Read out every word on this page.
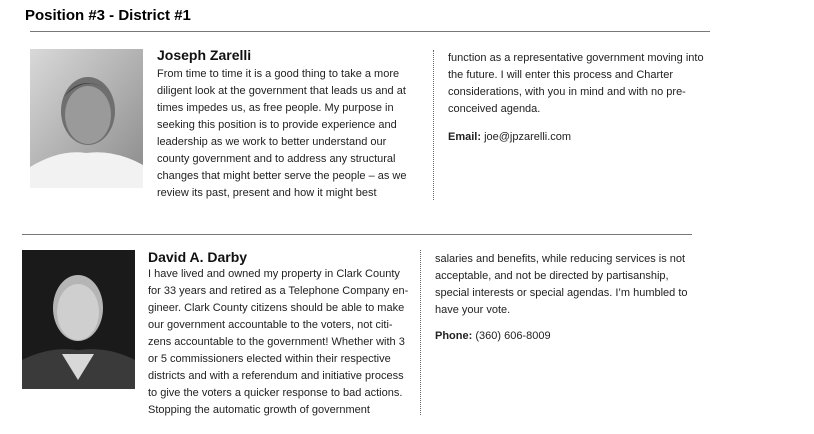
Position #3 - District #1
Joseph Zarelli
From time to time it is a good thing to take a more diligent look at the government that leads us and at times impedes us, as free people. My purpose in seeking this position is to provide experience and leadership as we work to better understand our county government and to address any structural changes that might better serve the people – as we review its past, present and how it might best
function as a representative government moving into the future. I will enter this process and Charter considerations, with you in mind and with no pre-conceived agenda.
Email: joe@jpzarelli.com
David A. Darby
I have lived and owned my property in Clark County for 33 years and retired as a Telephone Company en-gineer. Clark County citizens should be able to make our government accountable to the voters, not citi-zens accountable to the government! Whether with 3 or 5 commissioners elected within their respective districts and with a referendum and initiative process to give the voters a quicker response to bad actions. Stopping the automatic growth of government
salaries and benefits, while reducing services is not acceptable, and not be directed by partisanship, special interests or special agendas. I’m humbled to have your vote.
Phone: (360) 606-8009
